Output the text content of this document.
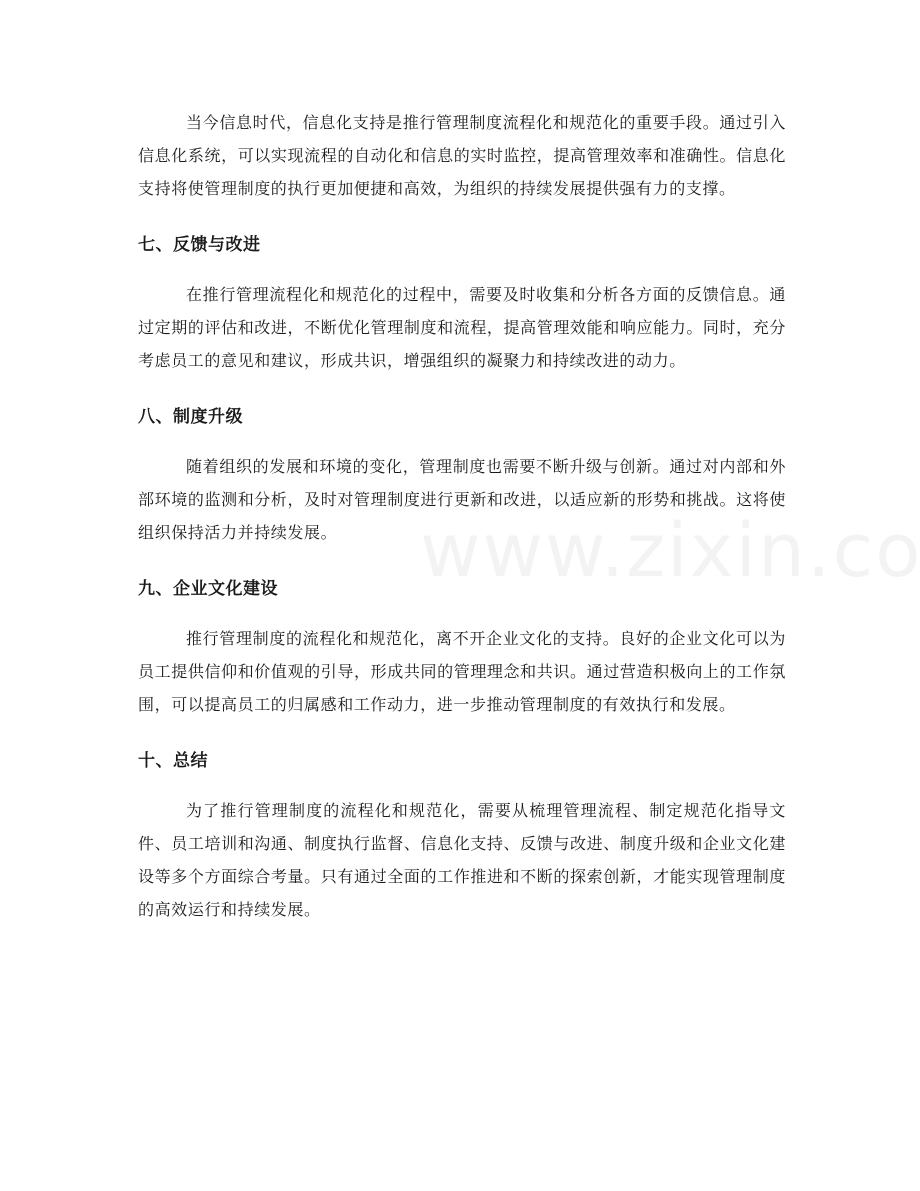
当今信息时代，信息化支持是推行管理制度流程化和规范化的重要手段。通过引入信息化系统，可以实现流程的自动化和信息的实时监控，提高管理效率和准确性。信息化支持将使管理制度的执行更加便捷和高效，为组织的持续发展提供强有力的支撑。

七、反馈与改进

在推行管理流程化和规范化的过程中，需要及时收集和分析各方面的反馈信息。通过定期的评估和改进，不断优化管理制度和流程，提高管理效能和响应能力。同时，充分考虑员工的意见和建议，形成共识，增强组织的凝聚力和持续改进的动力。

八、制度升级

随着组织的发展和环境的变化，管理制度也需要不断升级与创新。通过对内部和外部环境的监测和分析，及时对管理制度进行更新和改进，以适应新的形势和挑战。这将使组织保持活力并持续发展。

九、企业文化建设

推行管理制度的流程化和规范化，离不开企业文化的支持。良好的企业文化可以为员工提供信仰和价值观的引导，形成共同的管理理念和共识。通过营造积极向上的工作氛围，可以提高员工的归属感和工作动力，进一步推动管理制度的有效执行和发展。

十、总结

为了推行管理制度的流程化和规范化，需要从梳理管理流程、制定规范化指导文件、员工培训和沟通、制度执行监督、信息化支持、反馈与改进、制度升级和企业文化建设等多个方面综合考量。只有通过全面的工作推进和不断的探索创新，才能实现管理制度的高效运行和持续发展。
